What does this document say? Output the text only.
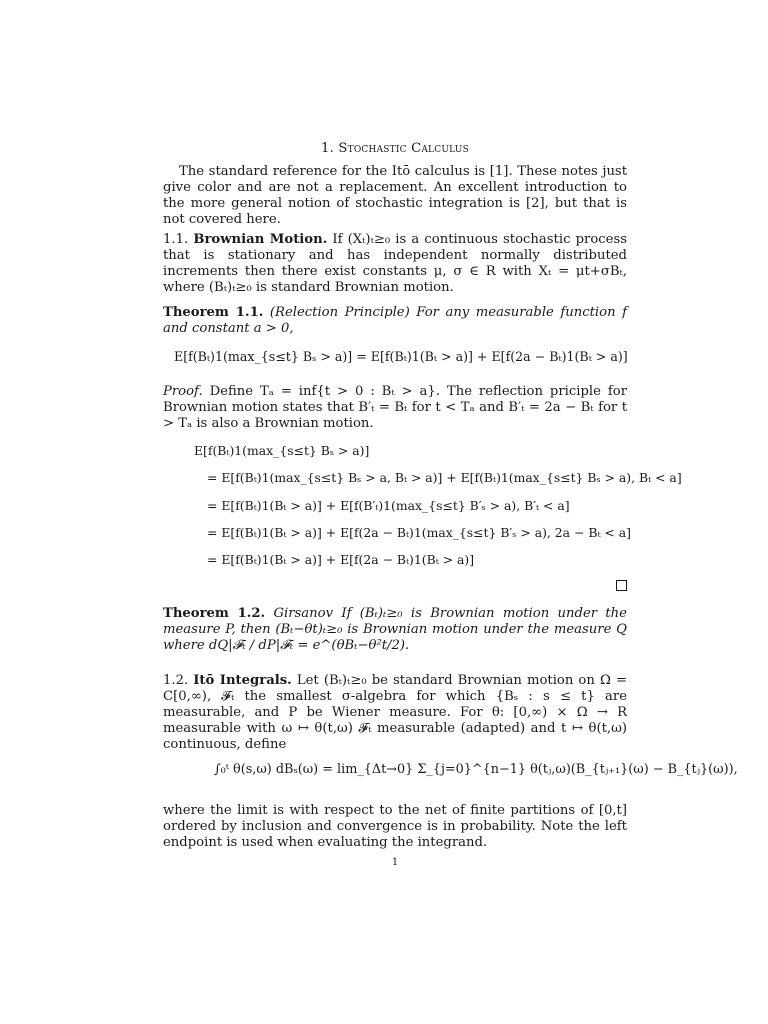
1. Stochastic Calculus

The standard reference for the Itō calculus is [1]. These notes just give color and are not a replacement. An excellent introduction to the more general notion of stochastic integration is [2], but that is not covered here.

1.1. Brownian Motion. If (Xₜ)ₜ≥₀ is a continuous stochastic process that is stationary and has independent normally distributed increments then there exist constants μ, σ ∈ R with Xₜ = μt+σBₜ, where (Bₜ)ₜ≥₀ is standard Brownian motion.

Theorem 1.1. (Relection Principle) For any measurable function f and constant a > 0,

E[f(Bₜ)1(max_{s≤t} Bₛ > a)] = E[f(Bₜ)1(Bₜ > a)] + E[f(2a − Bₜ)1(Bₜ > a)]

Proof. Define Tₐ = inf{t > 0 : Bₜ > a}. The reflection priciple for Brownian motion states that B′ₜ = Bₜ for t < Tₐ and B′ₜ = 2a − Bₜ for t > Tₐ is also a Brownian motion.

E[f(Bₜ)1(max_{s≤t} Bₛ > a)]
= E[f(Bₜ)1(max_{s≤t} Bₛ > a, Bₜ > a)] + E[f(Bₜ)1(max_{s≤t} Bₛ > a), Bₜ < a]
= E[f(Bₜ)1(Bₜ > a)] + E[f(B′ₜ)1(max_{s≤t} B′ₛ > a), B′ₜ < a]
= E[f(Bₜ)1(Bₜ > a)] + E[f(2a − Bₜ)1(max_{s≤t} B′ₛ > a), 2a − Bₜ < a]
= E[f(Bₜ)1(Bₜ > a)] + E[f(2a − Bₜ)1(Bₜ > a)]

Theorem 1.2. Girsanov If (Bₜ)ₜ≥₀ is Brownian motion under the measure P, then (Bₜ−θt)ₜ≥₀ is Brownian motion under the measure Q where dQ|𝓕ₜ / dP|𝓕ₜ = e^(θBₜ−θ²t/2).

1.2. Itō Integrals. Let (Bₜ)ₜ≥₀ be standard Brownian motion on Ω = C[0,∞), 𝓕ₜ the smallest σ-algebra for which {Bₛ : s ≤ t} are measurable, and P be Wiener measure. For θ: [0,∞) × Ω → R measurable with ω ↦ θ(t,ω) 𝓕ₜ measurable (adapted) and t ↦ θ(t,ω) continuous, define

∫₀ᵗ θ(s,ω) dBₛ(ω) = lim_{Δt→0} Σ_{j=0}^{n−1} θ(tⱼ,ω)(B_{tⱼ₊₁}(ω) − B_{tⱼ}(ω)),

where the limit is with respect to the net of finite partitions of [0,t] ordered by inclusion and convergence is in probability. Note the left endpoint is used when evaluating the integrand.

1
